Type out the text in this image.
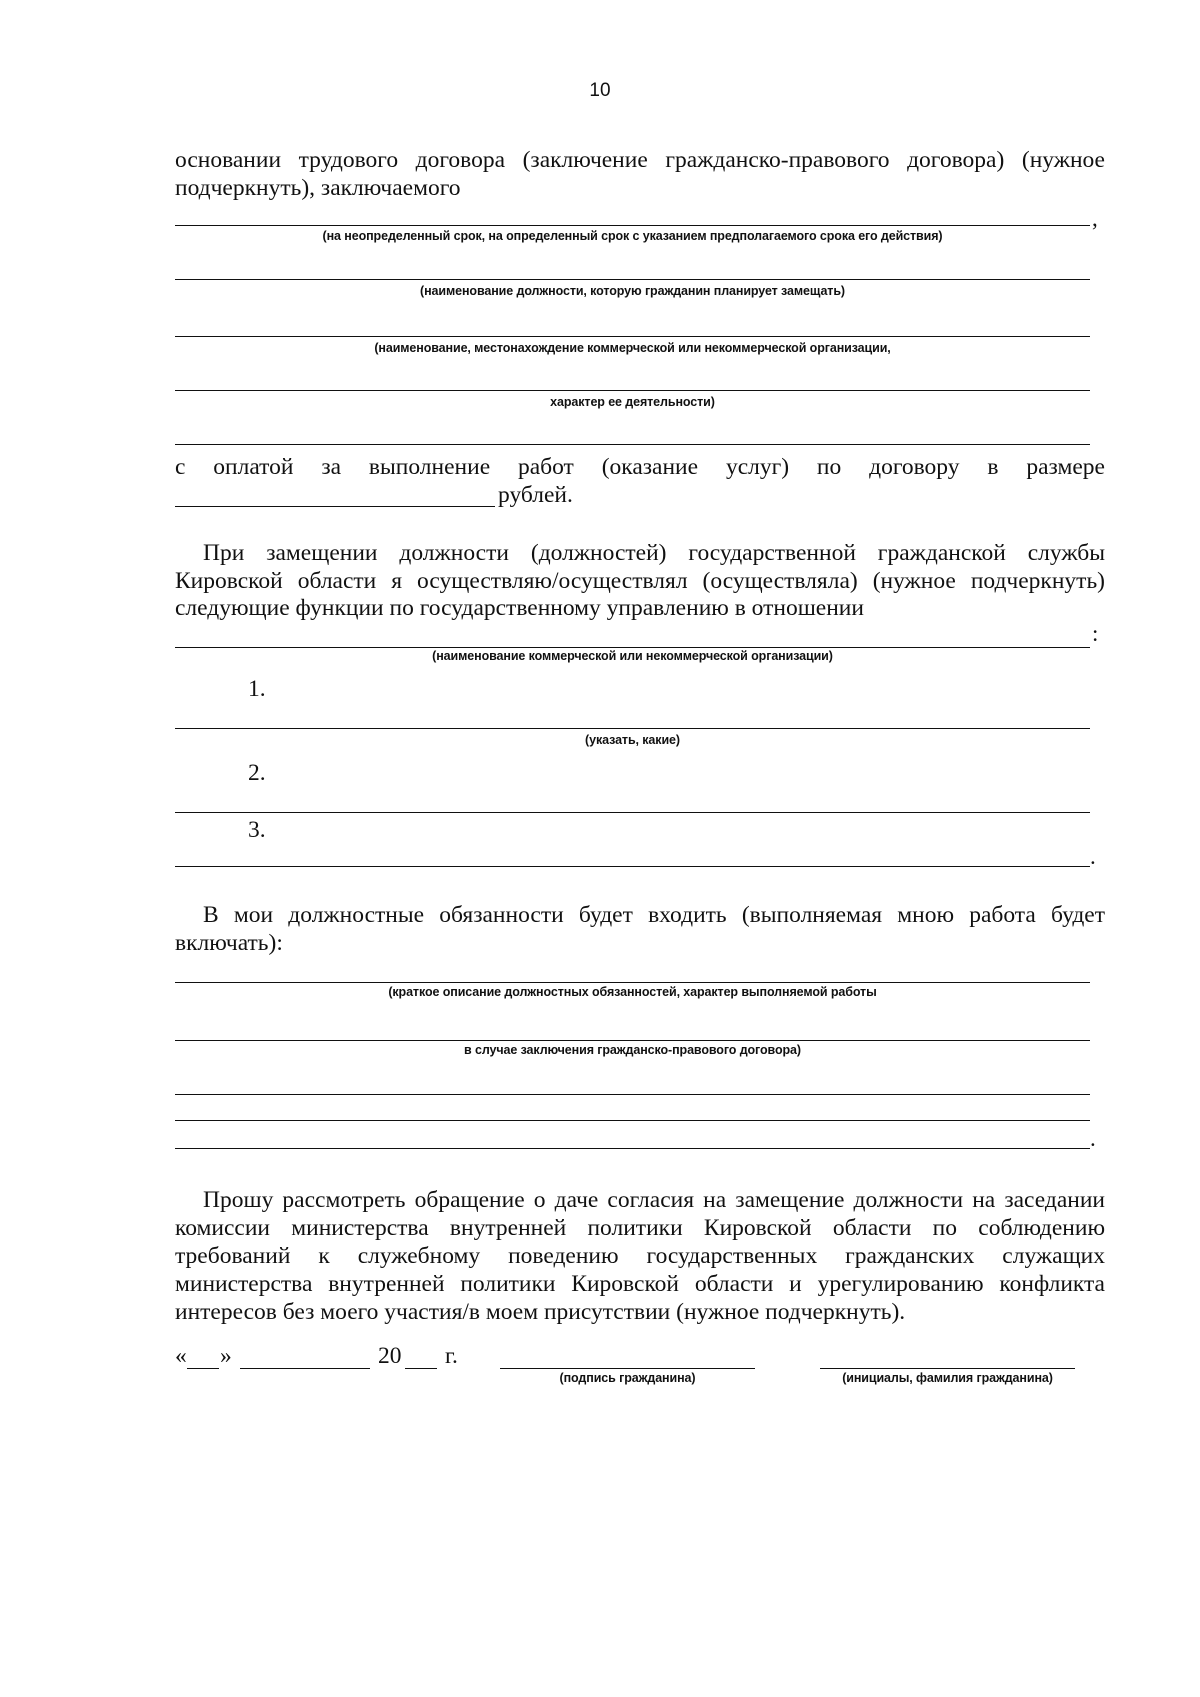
10
основании трудового договора (заключение гражданско-правового договора) (нужное
подчеркнуть), заключаемого
,
(на неопределенный срок, на определенный срок с указанием предполагаемого срока его действия)
(наименование должности, которую гражданин планирует замещать)
(наименование, местонахождение коммерческой или некоммерческой организации,
характер ее деятельности)
с оплатой за выполнение работ (оказание услуг) по договору в размере
рублей.
При замещении должности (должностей) государственной гражданской службы
Кировской области я осуществляю/осуществлял (осуществляла) (нужное подчеркнуть)
следующие функции по государственному управлению в отношении
:
(наименование коммерческой или некоммерческой организации)
1.
(указать, какие)
2.
3.
.
В мои должностные обязанности будет входить (выполняемая мною работа будет
включать):
(краткое описание должностных обязанностей, характер выполняемой работы
в случае заключения гражданско-правового договора)
.
Прошу рассмотреть обращение о даче согласия на замещение должности на заседании
комиссии министерства внутренней политики Кировской области по соблюдению
требований к служебному поведению государственных гражданских служащих
министерства внутренней политики Кировской области и урегулированию конфликта
интересов без моего участия/в моем присутствии (нужное подчеркнуть).
« »	20 г.
(подпись гражданина)	(инициалы, фамилия гражданина)
